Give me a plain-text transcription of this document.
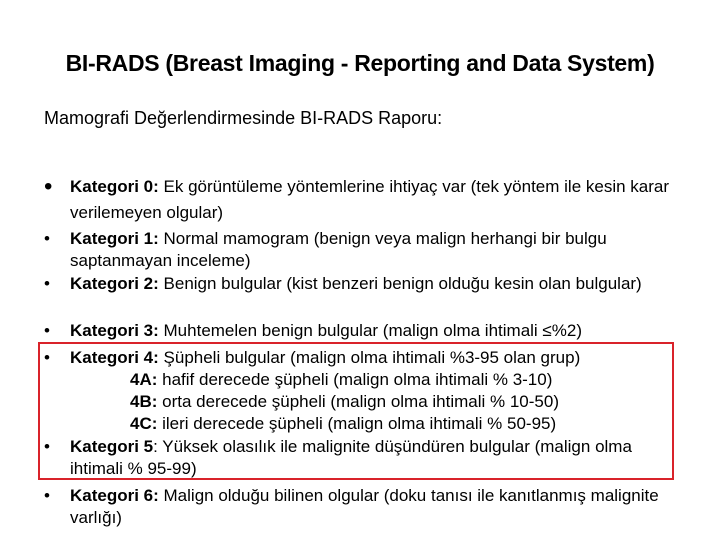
BI-RADS (Breast Imaging - Reporting and Data System)
Mamografi Değerlendirmesinde BI-RADS Raporu:
• Kategori 0: Ek görüntüleme yöntemlerine ihtiyaç var (tek yöntem ile kesin karar verilemeyen olgular)
• Kategori 1: Normal mamogram (benign veya malign herhangi bir bulgu saptanmayan inceleme)
• Kategori 2: Benign bulgular (kist benzeri benign olduğu kesin olan bulgular)
• Kategori 3: Muhtemelen benign bulgular (malign olma ihtimali ≤%2)
• Kategori 4: Şüpheli bulgular (malign olma ihtimali %3-95 olan grup)
4A: hafif derecede şüpheli (malign olma ihtimali % 3-10)
4B: orta derecede şüpheli (malign olma ihtimali % 10-50)
4C: ileri derecede şüpheli (malign olma ihtimali % 50-95)
• Kategori 5: Yüksek olasılık ile malignite düşündüren bulgular (malign olma ihtimali % 95-99)
• Kategori 6: Malign olduğu bilinen olgular (doku tanısı ile kanıtlanmış malignite varlığı)
